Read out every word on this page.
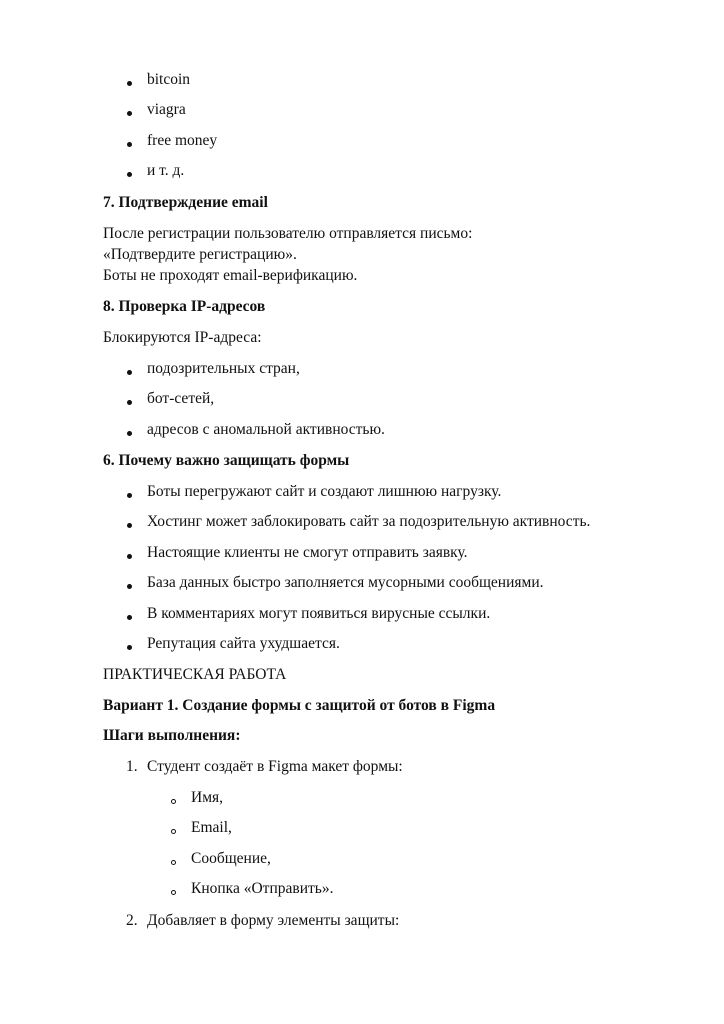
bitcoin
viagra
free money
и т. д.
7. Подтверждение email
После регистрации пользователю отправляется письмо:
«Подтвердите регистрацию».
Боты не проходят email-верификацию.
8. Проверка IP-адресов
Блокируются IP-адреса:
подозрительных стран,
бот-сетей,
адресов с аномальной активностью.
6. Почему важно защищать формы
Боты перегружают сайт и создают лишнюю нагрузку.
Хостинг может заблокировать сайт за подозрительную активность.
Настоящие клиенты не смогут отправить заявку.
База данных быстро заполняется мусорными сообщениями.
В комментариях могут появиться вирусные ссылки.
Репутация сайта ухудшается.
ПРАКТИЧЕСКАЯ РАБОТА
Вариант 1. Создание формы с защитой от ботов в Figma
Шаги выполнения:
1. Студент создаёт в Figma макет формы:
Имя,
Email,
Сообщение,
Кнопка «Отправить».
2. Добавляет в форму элементы защиты:
